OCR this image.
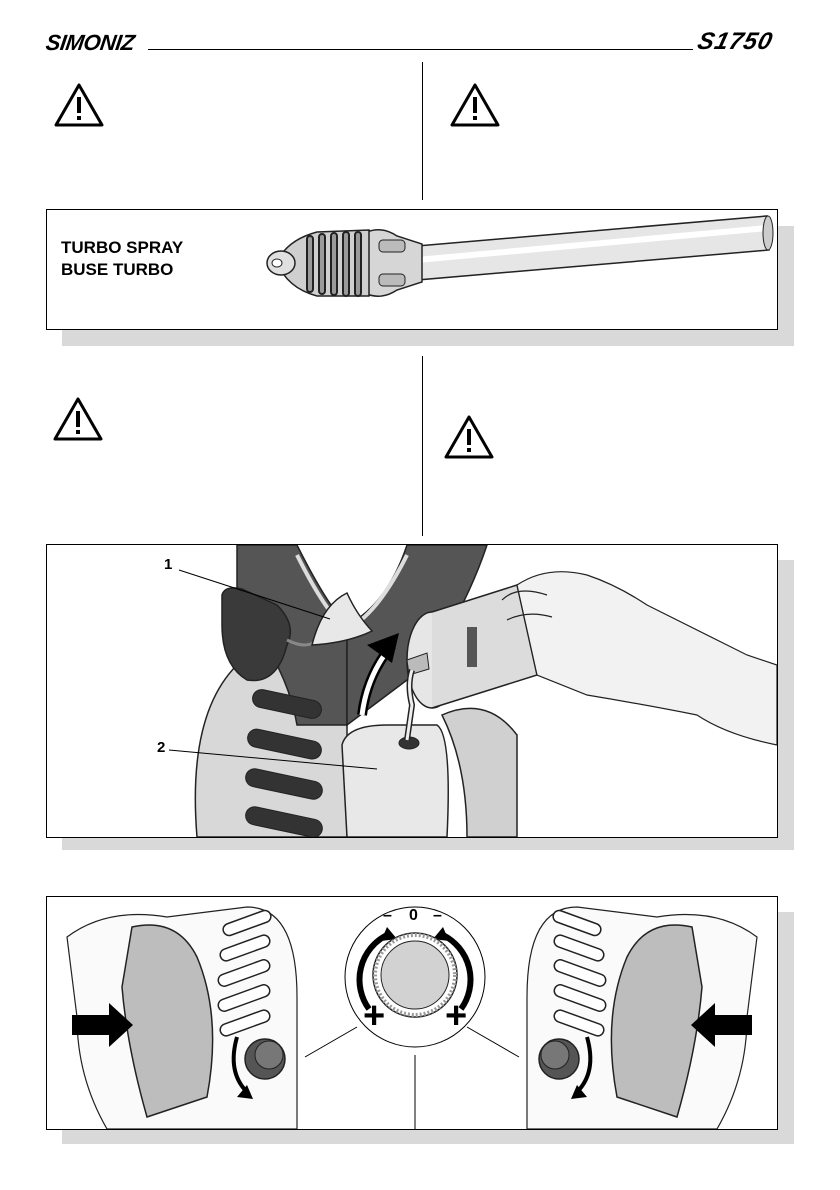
SIMONIZ	S1750
TURBO SPRAY
BUSE TURBO
1
2
0
–	–
+ +
